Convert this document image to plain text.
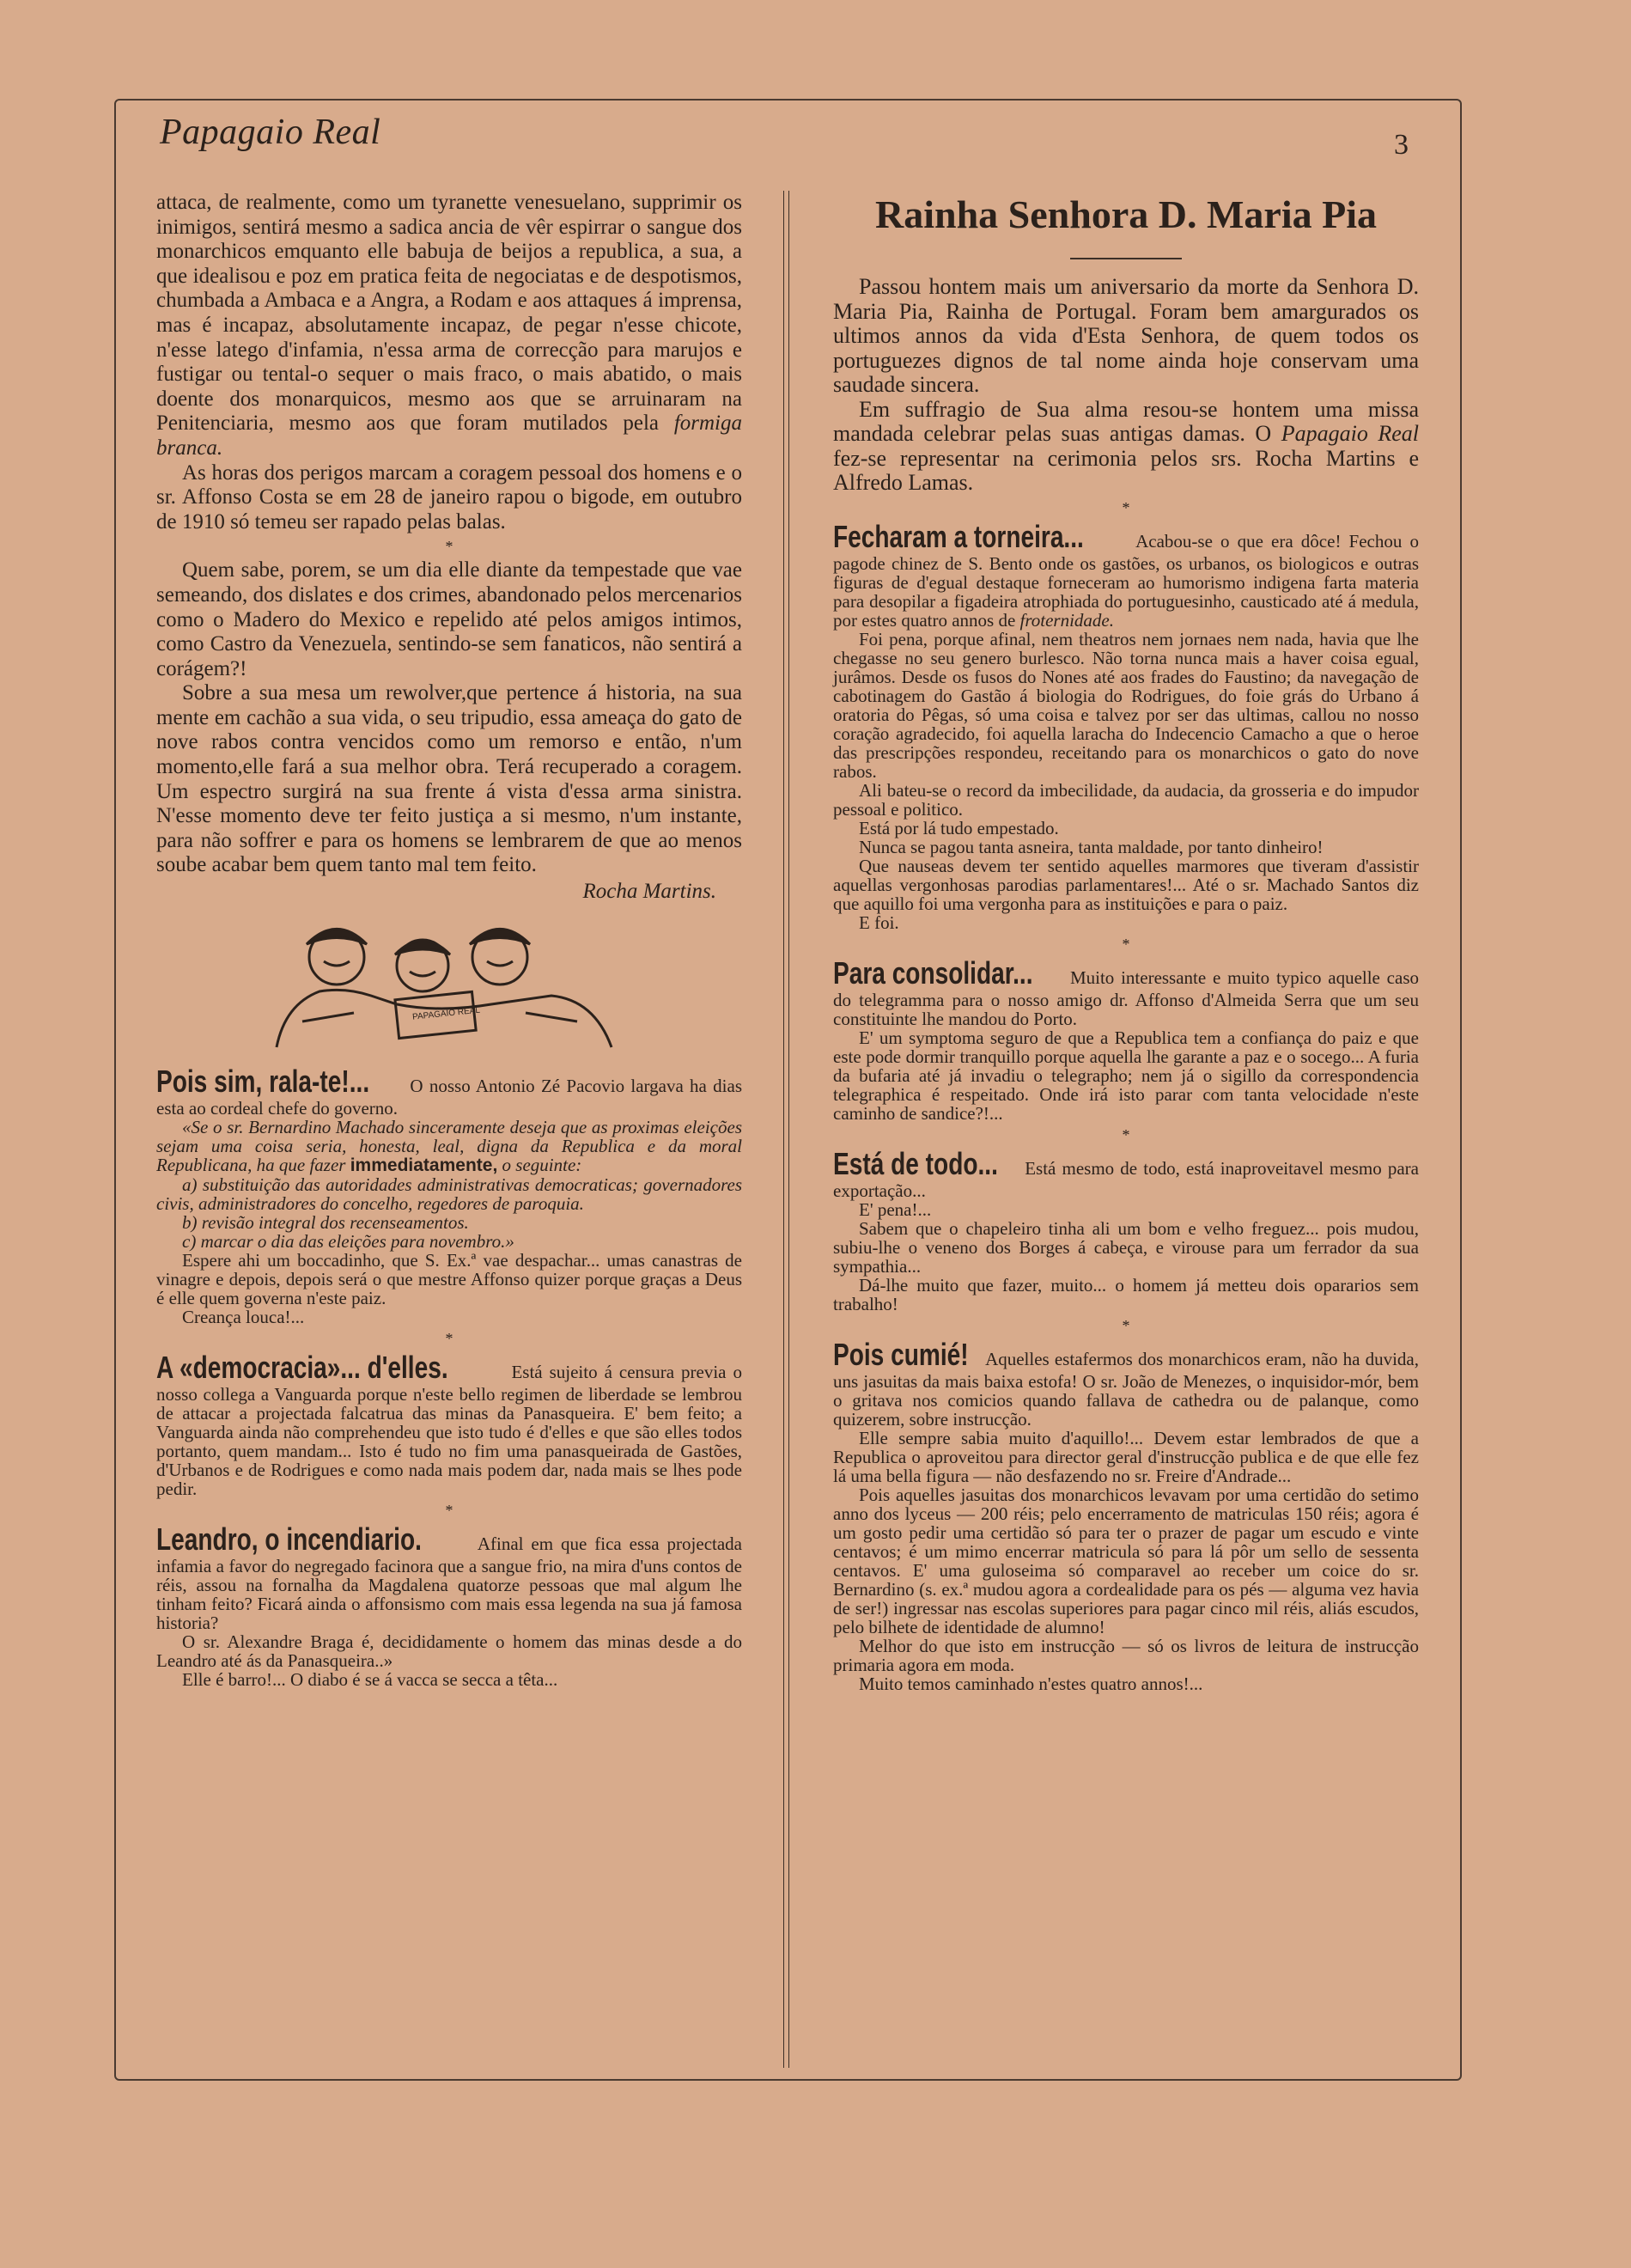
Papagaio Real	3

attaca, de realmente, como um tyranette venesuelano, supprimir os inimigos, sentirá mesmo a sadica ancia de vêr espirrar o sangue dos monarchicos emquanto elle babuja de beijos a republica, a sua, a que idealisou e poz em pratica feita de negociatas e de despotismos, chumbada a Ambaca e a Angra, a Rodam e aos attaques á imprensa, mas é incapaz, absolutamente incapaz, de pegar n'esse chicote, n'esse latego d'infamia, n'essa arma de correcção para marujos e fustigar ou tental-o sequer o mais fraco, o mais abatido, o mais doente dos monarquicos, mesmo aos que se arruinaram na Penitenciaria, mesmo aos que foram mutilados pela formiga branca.

As horas dos perigos marcam a coragem pessoal dos homens e o sr. Affonso Costa se em 28 de janeiro rapou o bigode, em outubro de 1910 só temeu ser rapado pelas balas.

*

Quem sabe, porem, se um dia elle diante da tempestade que vae semeando, dos dislates e dos crimes, abandonado pelos mercenarios como o Madero do Mexico e repelido até pelos amigos intimos, como Castro da Venezuela, sentindo-se sem fanaticos, não sentirá a corágem?!

Sobre a sua mesa um rewolver,que pertence á historia, na sua mente em cachão a sua vida, o seu tripudio, essa ameaça do gato de nove rabos contra vencidos como um remorso e então, n'um momento,elle fará a sua melhor obra. Terá recuperado a coragem. Um espectro surgirá na sua frente á vista d'essa arma sinistra. N'esse momento deve ter feito justiça a si mesmo, n'um instante, para não soffrer e para os homens se lembrarem de que ao menos soube acabar bem quem tanto mal tem feito.

Rocha Martins.
PAPAGAIO REAL

Pois sim, rala-te!... O nosso Antonio Zé Pacovio largava ha dias esta ao cordeal chefe do governo.

«Se o sr. Bernardino Machado sinceramente deseja que as proximas eleições sejam uma coisa seria, honesta, leal, digna da Republica e da moral Republicana, ha que fazer immediatamente, o seguinte:

a) substituição das autoridades administrativas democraticas; governadores civis, administradores do concelho, regedores de paroquia.

b) revisão integral dos recenseamentos.

c) marcar o dia das eleições para novembro.»

Espere ahi um boccadinho, que S. Ex.ª vae despachar... umas canastras de vinagre e depois, depois será o que mestre Affonso quizer porque graças a Deus é elle quem governa n'este paiz.

Creança louca!...

*

A «democracia»... d'elles.	Está sujeito á censura previa o nosso collega a Vanguarda porque n'este bello regimen de liberdade se lembrou de attacar a projectada falcatrua das minas da Panasqueira. E' bem feito; a Vanguarda ainda não comprehendeu que isto tudo é d'elles e que são elles todos portanto, quem mandam... Isto é tudo no fim uma panasqueirada de Gastões, d'Urbanos e de Rodrigues e como nada mais podem dar, nada mais se lhes pode pedir.

*

Leandro, o incendiario.	Afinal em que fica essa projectada infamia a favor do negregado facinora que a sangue frio, na mira d'uns contos de réis, assou na fornalha da Magdalena quatorze pessoas que mal algum lhe tinham feito? Ficará ainda o affonsismo com mais essa legenda na sua já famosa historia?

O sr. Alexandre Braga é, decididamente o homem das minas desde a do Leandro até ás da Panasqueira..»

Elle é barro!... O diabo é se á vacca se secca a têta...

Rainha Senhora D. Maria Pia

Passou hontem mais um aniversario da morte da Senhora D. Maria Pia, Rainha de Portugal. Foram bem amargurados os ultimos annos da vida d'Esta Senhora, de quem todos os portuguezes dignos de tal nome ainda hoje conservam uma saudade sincera.

Em suffragio de Sua alma resou-se hontem uma missa mandada celebrar pelas suas antigas damas. O Papagaio Real fez-se representar na cerimonia pelos srs. Rocha Martins e Alfredo Lamas.

*

Fecharam a torneira...	Acabou-se o que era dôce! Fechou o pagode chinez de S. Bento onde os gastões, os urbanos, os biologicos e outras figuras de d'egual destaque forneceram ao humorismo indigena farta materia para desopilar a figadeira atrophiada do portuguesinho, causticado até á medula, por estes quatro annos de froternidade.

Foi pena, porque afinal, nem theatros nem jornaes nem nada, havia que lhe chegasse no seu genero burlesco. Não torna nunca mais a haver coisa egual, jurâmos. Desde os fusos do Nones até aos frades do Faustino; da navegação de cabotinagem do Gastão á biologia do Rodrigues, do foie grás do Urbano á oratoria do Pêgas, só uma coisa e talvez por ser das ultimas, callou no nosso coração agradecido, foi aquella laracha do Indecencio Camacho a que o heroe das prescripções respondeu, receitando para os monarchicos o gato do nove rabos.

Ali bateu-se o record da imbecilidade, da audacia, da grosseria e do impudor pessoal e politico.

Está por lá tudo empestado.

Nunca se pagou tanta asneira, tanta maldade, por tanto dinheiro!

Que nauseas devem ter sentido aquelles marmores que tiveram d'assistir aquellas vergonhosas parodias parlamentares!... Até o sr. Machado Santos diz que aquillo foi uma vergonha para as instituições e para o paiz.

E foi.

*

Para consolidar... Muito interessante e muito typico aquelle caso do telegramma para o nosso amigo dr. Affonso d'Almeida Serra que um seu constituinte lhe mandou do Porto.

E' um symptoma seguro de que a Republica tem a confiança do paiz e que este pode dormir tranquillo porque aquella lhe garante a paz e o socego... A furia da bufaria até já invadiu o telegrapho; nem já o sigillo da correspondencia telegraphica é respeitado. Onde irá isto parar com tanta velocidade n'este caminho de sandice?!...

*

Está de todo... Está mesmo de todo, está inaproveitavel mesmo para exportação...

E' pena!...

Sabem que o chapeleiro tinha ali um bom e velho freguez... pois mudou, subiu-lhe o veneno dos Borges á cabeça, e virouse para um ferrador da sua sympathia...

Dá-lhe muito que fazer, muito... o homem já metteu dois opararios sem trabalho!

*

Pois cumié! Aquelles estafermos dos monarchicos eram, não ha duvida, uns jasuitas da mais baixa estofa! O sr. João de Menezes, o inquisidor-mór, bem o gritava nos comicios quando fallava de cathedra ou de palanque, como quizerem, sobre instrucção.

Elle sempre sabia muito d'aquillo!... Devem estar lembrados de que a Republica o aproveitou para director geral d'instrucção publica e de que elle fez lá uma bella figura — não desfazendo no sr. Freire d'Andrade...

Pois aquelles jasuitas dos monarchicos levavam por uma certidão do setimo anno dos lyceus — 200 réis; pelo encerramento de matriculas 150 réis; agora é um gosto pedir uma certidão só para ter o prazer de pagar um escudo e vinte centavos; é um mimo encerrar matricula só para lá pôr um sello de sessenta centavos. E' uma guloseima só comparavel ao receber um coice do sr. Bernardino (s. ex.ª mudou agora a cordealidade para os pés — alguma vez havia de ser!) ingressar nas escolas superiores para pagar cinco mil réis, aliás escudos, pelo bilhete de identidade de alumno!

Melhor do que isto em instrucção — só os livros de leitura de instrucção primaria agora em moda.

Muito temos caminhado n'estes quatro annos!...
